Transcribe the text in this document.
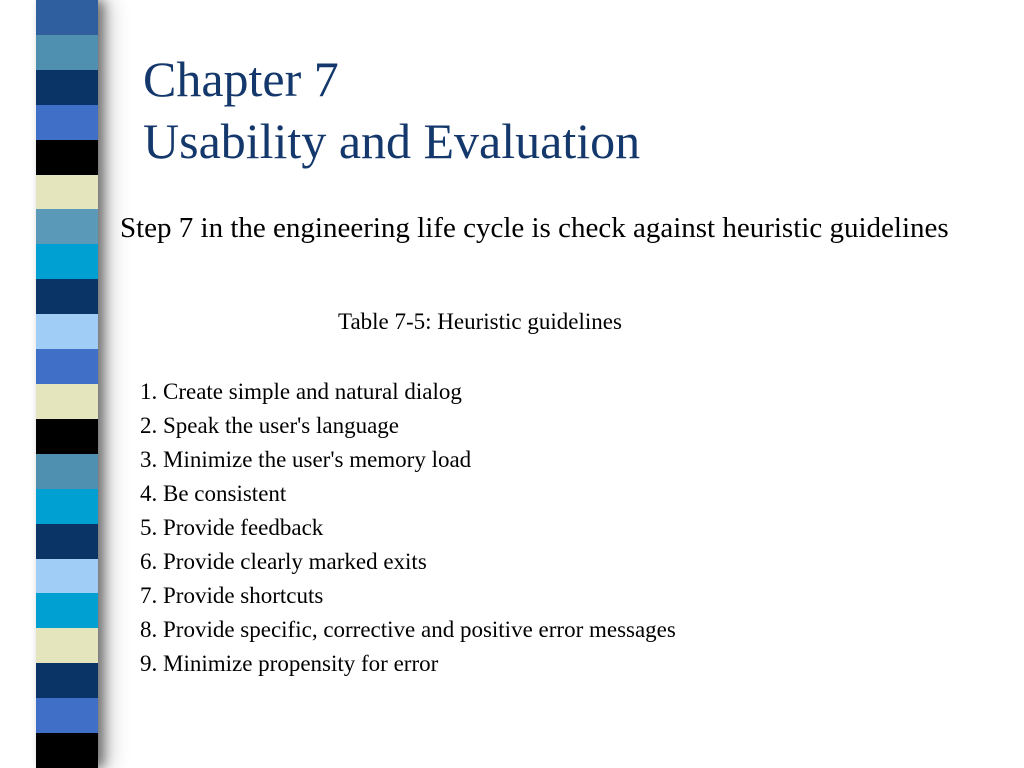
Chapter 7
Usability and Evaluation

Step 7 in the engineering life cycle is check against heuristic guidelines

Table 7-5: Heuristic guidelines

1. Create simple and natural dialog
2. Speak the user's language
3. Minimize the user's memory load
4. Be consistent
5. Provide feedback
6. Provide clearly marked exits
7. Provide shortcuts
8. Provide specific, corrective and positive error messages
9. Minimize propensity for error
